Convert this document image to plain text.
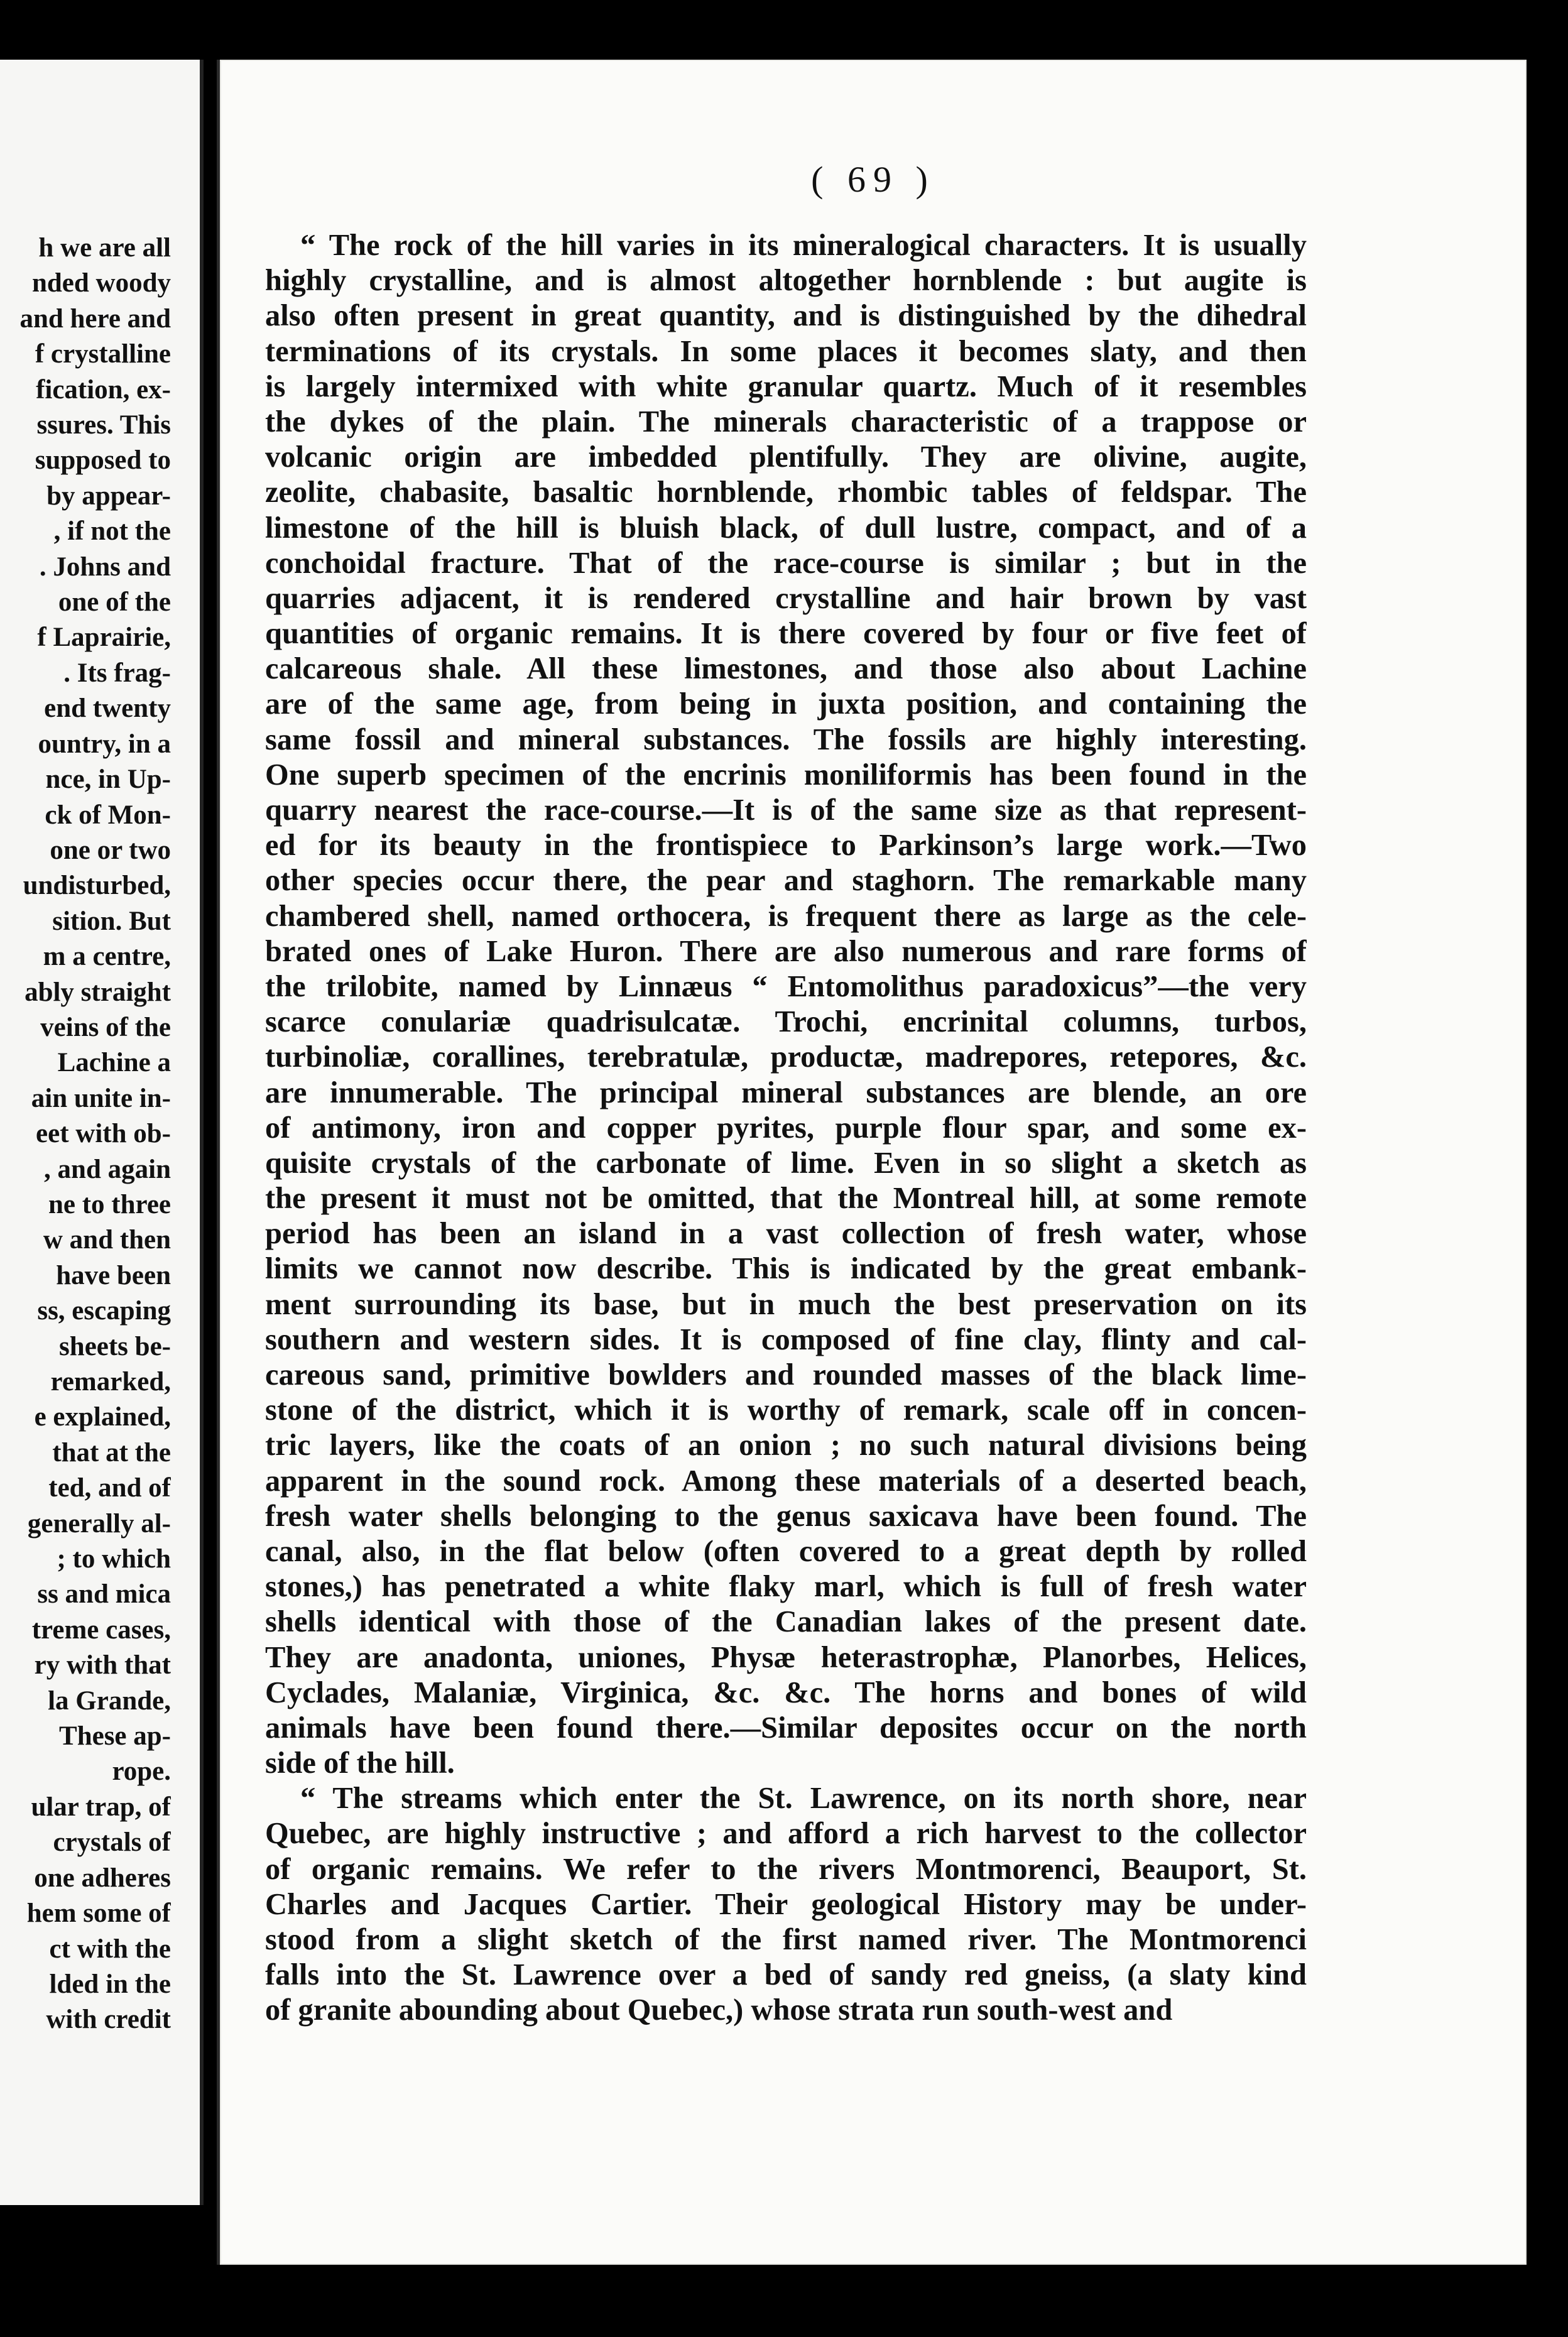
h we are all
nded woody
and here and
f crystalline
fication, ex-
ssures. This
supposed to
by appear-
, if not the
. Johns and
one of the
f Laprairie,
. Its frag-
end twenty
ountry, in a
nce, in Up-
ck of Mon-
one or two
undisturbed,
sition. But
m a centre,
ably straight
veins of the
Lachine a
ain unite in-
eet with ob-
, and again
ne to three
w and then
have been
ss, escaping
sheets be-
remarked,
e explained,
that at the
ted, and of
generally al-
; to which
ss and mica
treme cases,
ry with that
la Grande,
These ap-
rope.
ular trap, of
crystals of
one adheres
hem some of
ct with the
lded in the
with credit
( 69 )
“ The rock of the hill varies in its mineralogical characters. It is usually
highly crystalline, and is almost altogether hornblende : but augite is
also often present in great quantity, and is distinguished by the dihedral
terminations of its crystals. In some places it becomes slaty, and then
is largely intermixed with white granular quartz. Much of it resembles
the dykes of the plain. The minerals characteristic of a trappose or
volcanic origin are imbedded plentifully. They are olivine, augite,
zeolite, chabasite, basaltic hornblende, rhombic tables of feldspar. The
limestone of the hill is bluish black, of dull lustre, compact, and of a
conchoidal fracture. That of the race-course is similar ; but in the
quarries adjacent, it is rendered crystalline and hair brown by vast
quantities of organic remains. It is there covered by four or five feet of
calcareous shale. All these limestones, and those also about Lachine
are of the same age, from being in juxta position, and containing the
same fossil and mineral substances. The fossils are highly interesting.
One superb specimen of the encrinis moniliformis has been found in the
quarry nearest the race-course.—It is of the same size as that represent-
ed for its beauty in the frontispiece to Parkinson’s large work.—Two
other species occur there, the pear and staghorn. The remarkable many
chambered shell, named orthocera, is frequent there as large as the cele-
brated ones of Lake Huron. There are also numerous and rare forms of
the trilobite, named by Linnæus “ Entomolithus paradoxicus”—the very
scarce conulariæ quadrisulcatæ. Trochi, encrinital columns, turbos,
turbinoliæ, corallines, terebratulæ, productæ, madrepores, retepores, &c.
are innumerable. The principal mineral substances are blende, an ore
of antimony, iron and copper pyrites, purple flour spar, and some ex-
quisite crystals of the carbonate of lime. Even in so slight a sketch as
the present it must not be omitted, that the Montreal hill, at some remote
period has been an island in a vast collection of fresh water, whose
limits we cannot now describe. This is indicated by the great embank-
ment surrounding its base, but in much the best preservation on its
southern and western sides. It is composed of fine clay, flinty and cal-
careous sand, primitive bowlders and rounded masses of the black lime-
stone of the district, which it is worthy of remark, scale off in concen-
tric layers, like the coats of an onion ; no such natural divisions being
apparent in the sound rock. Among these materials of a deserted beach,
fresh water shells belonging to the genus saxicava have been found. The
canal, also, in the flat below (often covered to a great depth by rolled
stones,) has penetrated a white flaky marl, which is full of fresh water
shells identical with those of the Canadian lakes of the present date.
They are anadonta, uniones, Physæ heterastrophæ, Planorbes, Helices,
Cyclades, Malaniæ, Virginica, &c. &c. The horns and bones of wild
animals have been found there.—Similar deposites occur on the north
side of the hill.
“ The streams which enter the St. Lawrence, on its north shore, near
Quebec, are highly instructive ; and afford a rich harvest to the collector
of organic remains. We refer to the rivers Montmorenci, Beauport, St.
Charles and Jacques Cartier. Their geological History may be under-
stood from a slight sketch of the first named river. The Montmorenci
falls into the St. Lawrence over a bed of sandy red gneiss, (a slaty kind
of granite abounding about Quebec,) whose strata run south-west and
